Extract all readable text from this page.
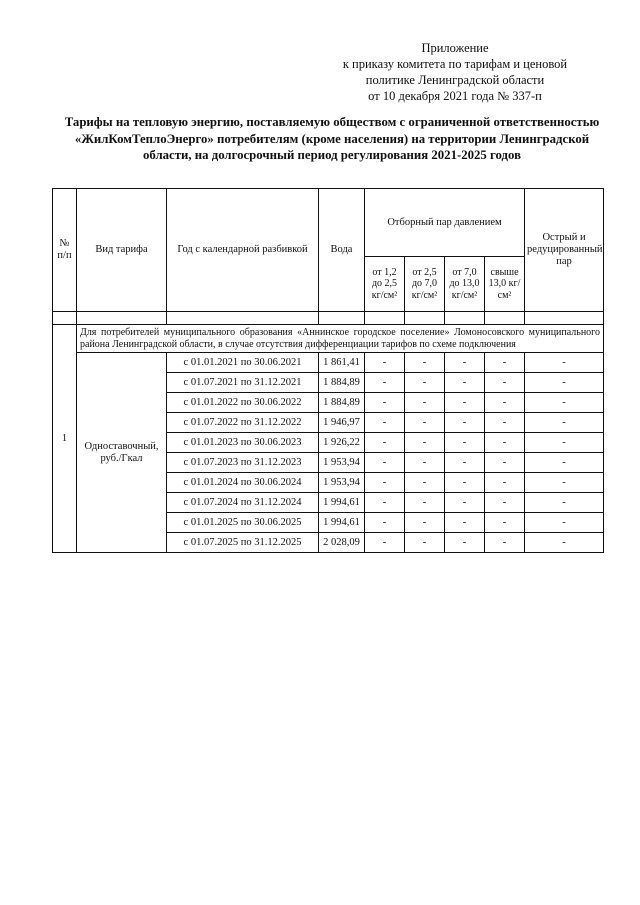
Приложение
к приказу комитета по тарифам и ценовой
политике Ленинградской области
от 10 декабря 2021 года № 337-п
Тарифы на тепловую энергию, поставляемую обществом с ограниченной ответственностью «ЖилКомТеплоЭнерго» потребителям (кроме населения) на территории Ленинградской области, на долгосрочный период регулирования 2021-2025 годов
№ п/п	Вид тарифа	Год с календарной разбивкой	Вода	Отборный пар давлением				Острый и редуцированный пар
				от 1,2 до 2,5 кг/см²	от 2,5 до 7,0 кг/см²	от 7,0 до 13,0 кг/см²	свыше 13,0 кг/см²	

1	Для потребителей муниципального образования «Аннинское городское поселение» Ломоносовского муниципального района Ленинградской области, в случае отсутствия дифференциации тарифов по схеме подключения							
	Одноставочный, руб./Гкал	с 01.01.2021 по 30.06.2021	1 861,41	-	-	-	-	-
		с 01.07.2021 по 31.12.2021	1 884,89	-	-	-	-	-
		с 01.01.2022 по 30.06.2022	1 884,89	-	-	-	-	-
		с 01.07.2022 по 31.12.2022	1 946,97	-	-	-	-	-
		с 01.01.2023 по 30.06.2023	1 926,22	-	-	-	-	-
		с 01.07.2023 по 31.12.2023	1 953,94	-	-	-	-	-
		с 01.01.2024 по 30.06.2024	1 953,94	-	-	-	-	-
		с 01.07.2024 по 31.12.2024	1 994,61	-	-	-	-	-
		с 01.01.2025 по 30.06.2025	1 994,61	-	-	-	-	-
		с 01.07.2025 по 31.12.2025	2 028,09	-	-	-	-	-
